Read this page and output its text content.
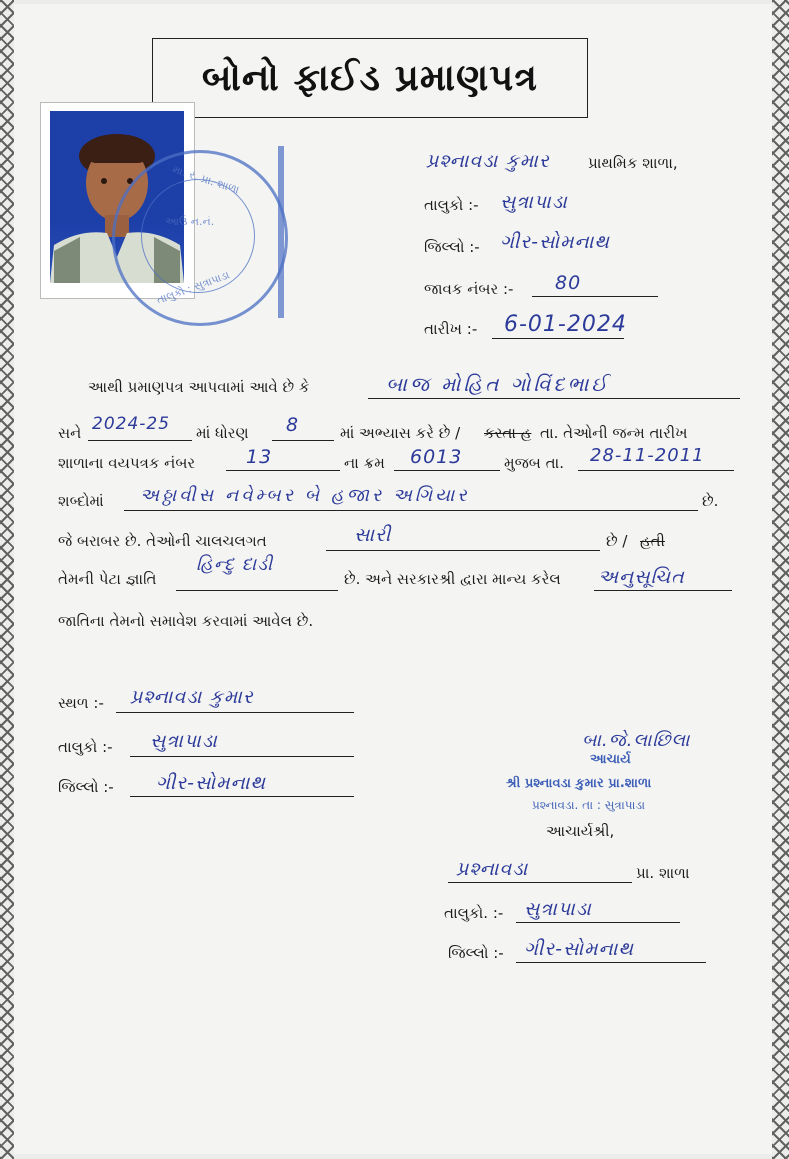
બોનો ફાઈડ પ્રમાણપત્ર
મા. ર. પ્રા. શાળા
આઉ ન.નં.
તાલુકો : સુત્રાપાડા
પ્રશ્નાવડા કુમાર	પ્રાથમિક શાળા,
તાલુકો :- સુત્રાપાડા
જિલ્લો :- ગીર-સોમનાથ
જાવક નંબર :- 80
તારીખ :- 6-01-2024
આથી પ્રમાણપત્ર આપવામાં આવે છે કે	બાજ મોહિત ગોવિંદભાઈ
સને 2024-25 માં ધોરણ 8	માં અભ્યાસ કરે છે / કરતા હ તા. તેઓની જન્મ તારીખ
શાળાના વયપત્રક નંબર	13	ના ક્રમ 6013	મુજબ તા. 28-11-2011
શબ્દોમાં અઠ્ઠાવીસ નવેમ્બર બે હજાર અગિયાર	છે.
જે બરાબર છે. તેઓની ચાલચલગત	સારી	છે / હતી
તેમની પેટા જ્ઞાતિ
હિન્દુ દાડી
છે. અને સરકારશ્રી દ્વારા માન્ય કરેલ અનુસૂચિત
જાતિના તેમનો સમાવેશ કરવામાં આવેલ છે.
સ્થળ :- પ્રશ્નાવડા કુમાર
તાલુકો :- સુત્રાપાડા
જિલ્લો :- ગીર-સોમનાથ
બા.જે.લાછિલા
આચાર્ય
શ્રી પ્રશ્નાવડા કુમાર પ્રા.શાળા
પ્રશ્નાવડા. તા : સુત્રાપાડા
આચાર્યશ્રી,
પ્રશ્નાવડા	પ્રા. શાળા
તાલુકો. :- સુત્રાપાડા
જિલ્લો :- ગીર-સોમનાથ
